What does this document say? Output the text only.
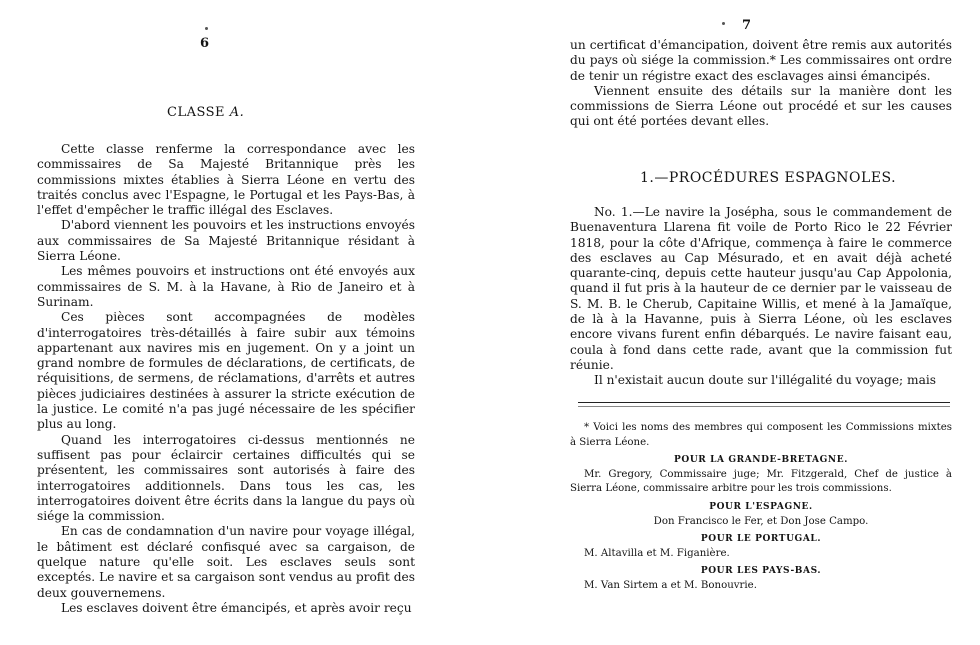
6
CLASSE A.

Cette classe renferme la correspondance avec les commissaires de Sa Majesté Britannique près les commissions mixtes établies à Sierra Léone en vertu des traités conclus avec l'Espagne, le Portugal et les Pays-Bas, à l'effet d'empêcher le traffic illégal des Esclaves.

D'abord viennent les pouvoirs et les instructions envoyés aux commissaires de Sa Majesté Britannique résidant à Sierra Léone.

Les mêmes pouvoirs et instructions ont été envoyés aux commissaires de S. M. à la Havane, à Rio de Janeiro et à Surinam.

Ces pièces sont accompagnées de modèles d'interrogatoires très-détaillés à faire subir aux témoins appartenant aux navires mis en jugement. On y a joint un grand nombre de formules de déclarations, de certificats, de réquisitions, de sermens, de réclamations, d'arrêts et autres pièces judiciaires destinées à assurer la stricte exécution de la justice. Le comité n'a pas jugé nécessaire de les spécifier plus au long.

Quand les interrogatoires ci-dessus mentionnés ne suffisent pas pour éclaircir certaines difficultés qui se présentent, les commissaires sont autorisés à faire des interrogatoires additionnels. Dans tous les cas, les interrogatoires doivent être écrits dans la langue du pays où siége la commission.

En cas de condamnation d'un navire pour voyage illégal, le bâtiment est déclaré confisqué avec sa cargaison, de quelque nature qu'elle soit. Les esclaves seuls sont exceptés. Le navire et sa cargaison sont vendus au profit des deux gouvernemens.

Les esclaves doivent être émancipés, et après avoir reçu

7

un certificat d'émancipation, doivent être remis aux autorités du pays où siége la commission.* Les commissaires ont ordre de tenir un régistre exact des esclavages ainsi émancipés.

Viennent ensuite des détails sur la manière dont les commissions de Sierra Léone out procédé et sur les causes qui ont été portées devant elles.

1.—PROCÉDURES ESPAGNOLES.

No. 1.—Le navire la Josépha, sous le commandement de Buenaventura Llarena fit voile de Porto Rico le 22 Février 1818, pour la côte d'Afrique, commença à faire le commerce des esclaves au Cap Mésurado, et en avait déjà acheté quarante-cinq, depuis cette hauteur jusqu'au Cap Appolonia, quand il fut pris à la hauteur de ce dernier par le vaisseau de S. M. B. le Cherub, Capitaine Willis, et mené à la Jamaïque, de là à la Havanne, puis à Sierra Léone, où les esclaves encore vivans furent enfin débarqués. Le navire faisant eau, coula à fond dans cette rade, avant que la commission fut réunie.

Il n'existait aucun doute sur l'illégalité du voyage; mais

* Voici les noms des membres qui composent les Commissions mixtes à Sierra Léone.

POUR LA GRANDE-BRETAGNE.

Mr. Gregory, Commissaire juge; Mr. Fitzgerald, Chef de justice à Sierra Léone, commissaire arbitre pour les trois commissions.

POUR L'ESPAGNE.

Don Francisco le Fer, et Don Jose Campo.

POUR LE PORTUGAL.

M. Altavilla et M. Figanière.

POUR LES PAYS-BAS.

M. Van Sirtem a et M. Bonouvrie.
